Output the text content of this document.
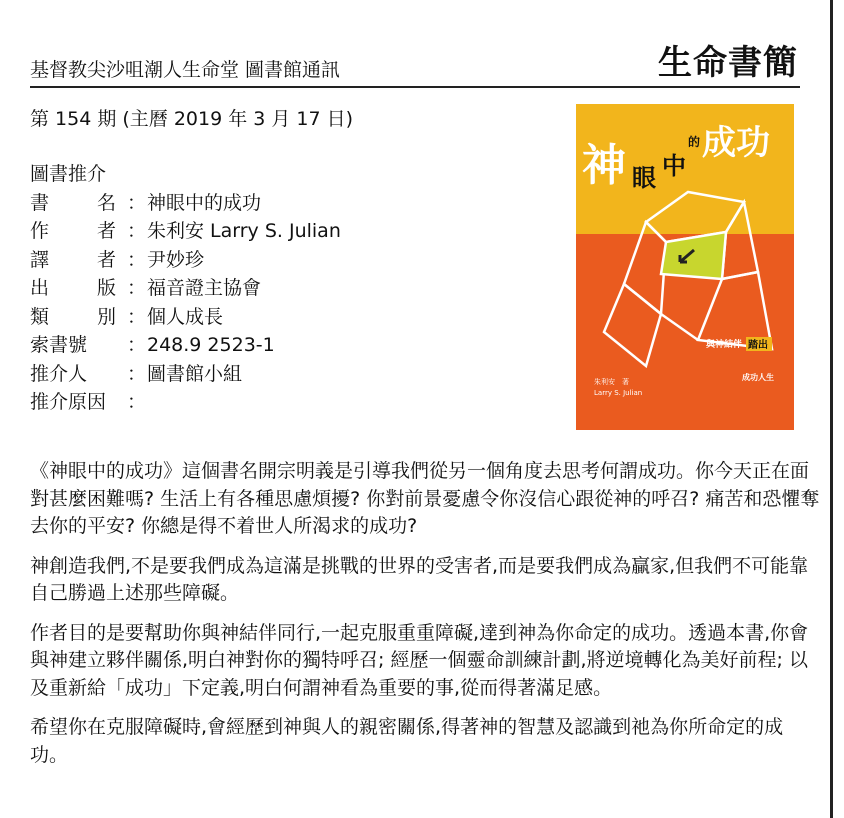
基督教尖沙咀潮人生命堂 圖書館通訊	生命書簡
第 154 期 (主曆 2019 年 3 月 17 日)
圖書推介
書	名 ： 神眼中的成功
作	者 ： 朱利安 Larry S. Julian
譯	者 ： 尹妙珍
出	版 ： 福音證主協會
類	別 ： 個人成長
索書號	： 248.9 2523-1
推介人	： 圖書館小組
推介原因	：
神 眼 中
的 成功
與神結伴 踏出
成功人生
朱利安　著
Larry S. Julian

《神眼中的成功》這個書名開宗明義是引導我們從另一個角度去思考何謂成功。你今天正在面對甚麼困難嗎? 生活上有各種思慮煩擾? 你對前景憂慮令你沒信心跟從神的呼召? 痛苦和恐懼奪去你的平安? 你總是得不着世人所渴求的成功?

神創造我們,不是要我們成為這滿是挑戰的世界的受害者,而是要我們成為贏家,但我們不可能靠自己勝過上述那些障礙。

作者目的是要幫助你與神結伴同行,一起克服重重障礙,達到神為你命定的成功。透過本書,你會與神建立夥伴關係,明白神對你的獨特呼召; 經歷一個靈命訓練計劃,將逆境轉化為美好前程; 以及重新給「成功」下定義,明白何謂神看為重要的事,從而得著滿足感。

希望你在克服障礙時,會經歷到神與人的親密關係,得著神的智慧及認識到祂為你所命定的成功。
